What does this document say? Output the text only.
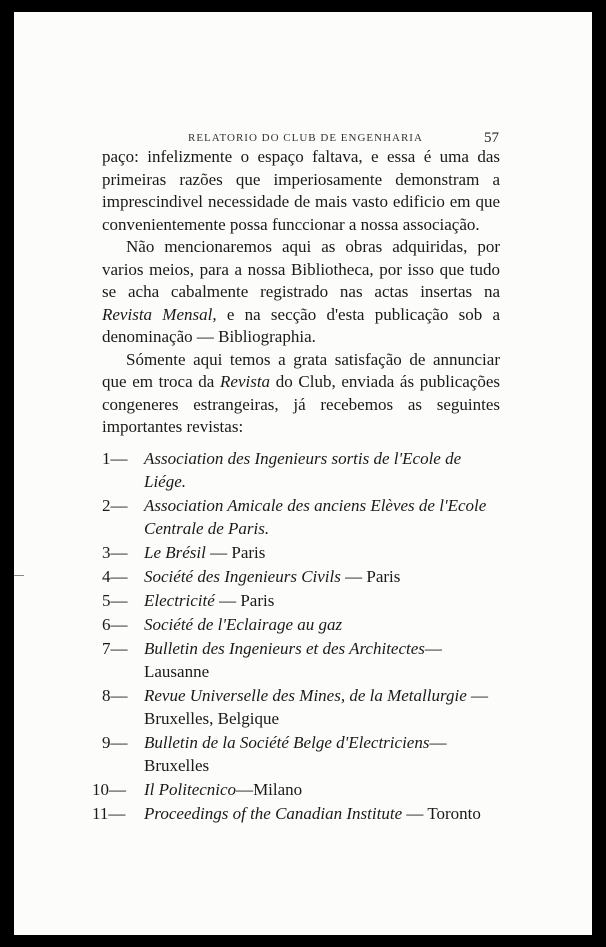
RELATORIO DO CLUB DE ENGENHARIA	57

paço: infelizmente o espaço faltava, e essa é uma das primeiras razões que imperiosamente demonstram a imprescindivel necessidade de mais vasto edificio em que convenientemente possa funccionar a nossa associação.

Não mencionaremos aqui as obras adquiridas, por varios meios, para a nossa Bibliotheca, por isso que tudo se acha cabalmente registrado nas actas insertas na Revista Mensal, e na secção d'esta publicação sob a denominação — Bibliographia.

Sómente aqui temos a grata satisfação de annunciar que em troca da Revista do Club, enviada ás publicações congeneres estrangeiras, já recebemos as seguintes importantes revistas:

1— Association des Ingenieurs sortis de l'Ecole de Liége.
2— Association Amicale des anciens Elèves de l'Ecole Centrale de Paris.
3— Le Brésil — Paris
4— Société des Ingenieurs Civils — Paris
5— Electricité — Paris
6— Société de l'Eclairage au gaz
7— Bulletin des Ingenieurs et des Architectes— Lausanne
8— Revue Universelle des Mines, de la Metallurgie — Bruxelles, Belgique
9— Bulletin de la Société Belge d'Electriciens—Bruxelles
10—	Il Politecnico—Milano
11—	Proceedings of the Canadian Institute — Toronto
